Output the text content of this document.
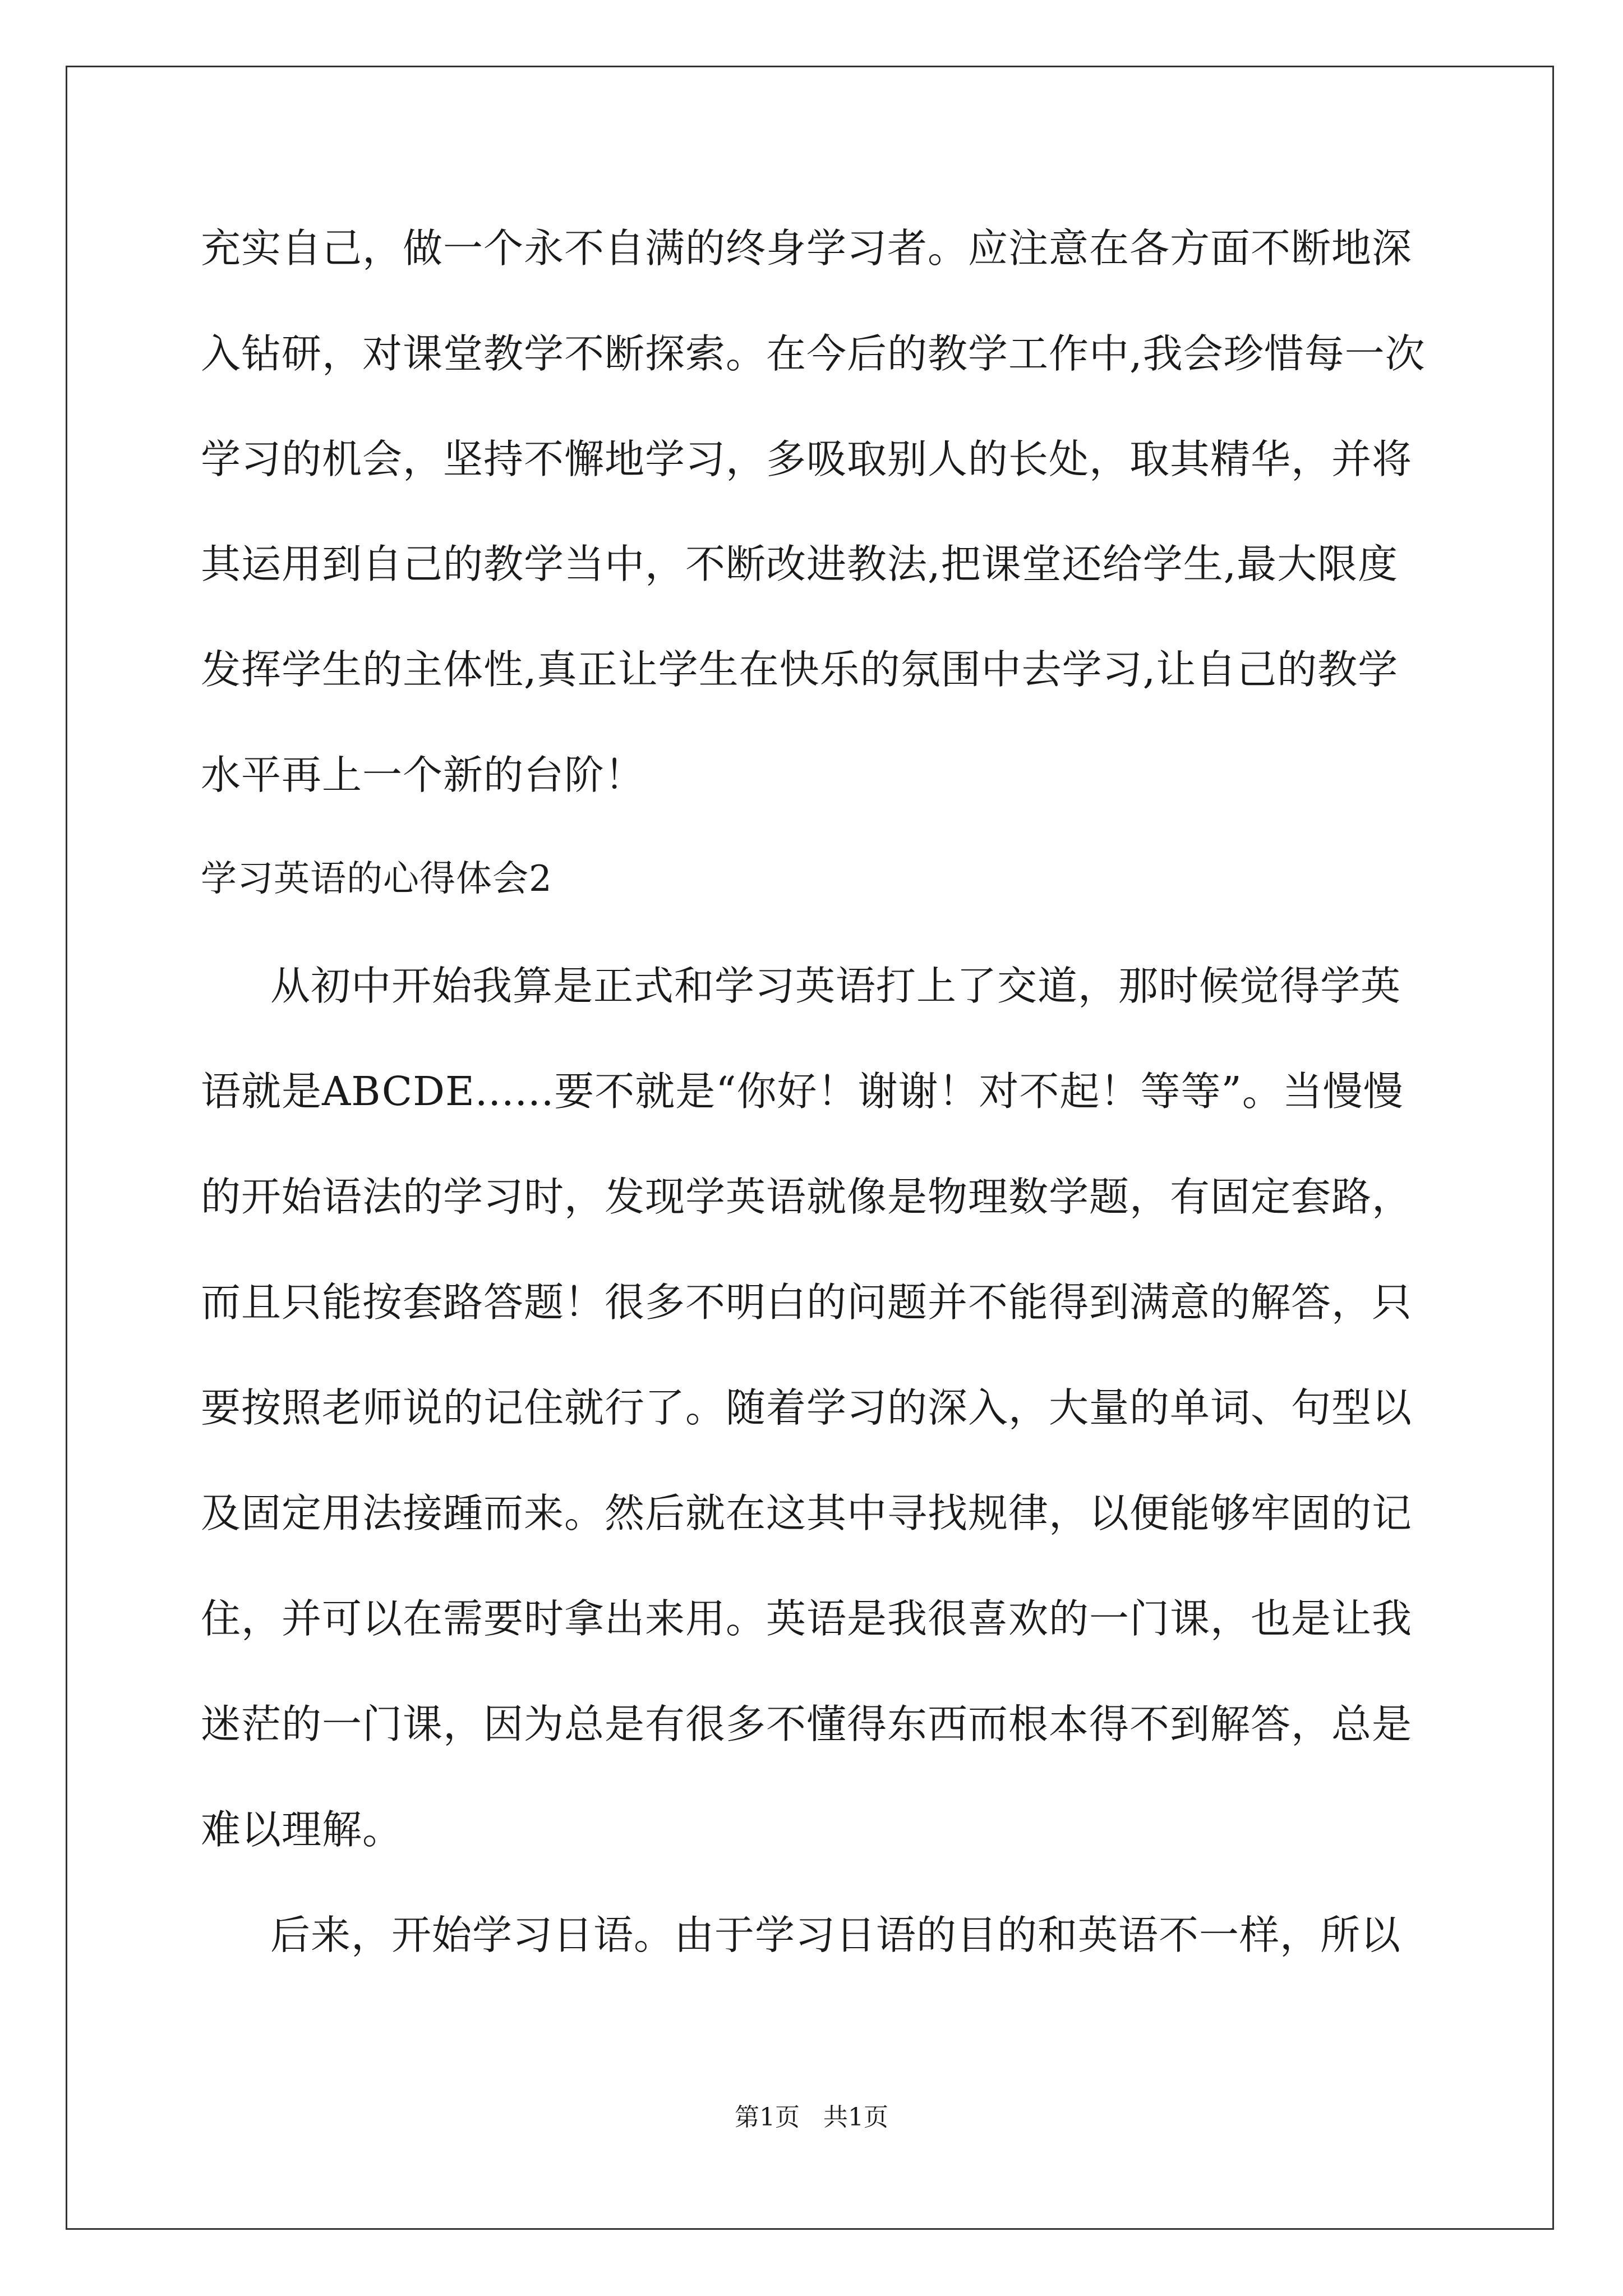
充实自己，做一个永不自满的终身学习者。应注意在各方面不断地深
入钻研，对课堂教学不断探索。在今后的教学工作中,我会珍惜每一次
学习的机会，坚持不懈地学习，多吸取别人的长处，取其精华，并将
其运用到自己的教学当中，不断改进教法,把课堂还给学生,最大限度
发挥学生的主体性,真正让学生在快乐的氛围中去学习,让自己的教学
水平再上一个新的台阶！
学习英语的心得体会2
从初中开始我算是正式和学习英语打上了交道，那时候觉得学英
语就是ABCDE......要不就是“你好！谢谢！对不起！等等”。当慢慢
的开始语法的学习时，发现学英语就像是物理数学题，有固定套路，
而且只能按套路答题！很多不明白的问题并不能得到满意的解答，只
要按照老师说的记住就行了。随着学习的深入，大量的单词、句型以
及固定用法接踵而来。然后就在这其中寻找规律，以便能够牢固的记
住，并可以在需要时拿出来用。英语是我很喜欢的一门课，也是让我
迷茫的一门课，因为总是有很多不懂得东西而根本得不到解答，总是
难以理解。
后来，开始学习日语。由于学习日语的目的和英语不一样，所以
第1页   共1页
